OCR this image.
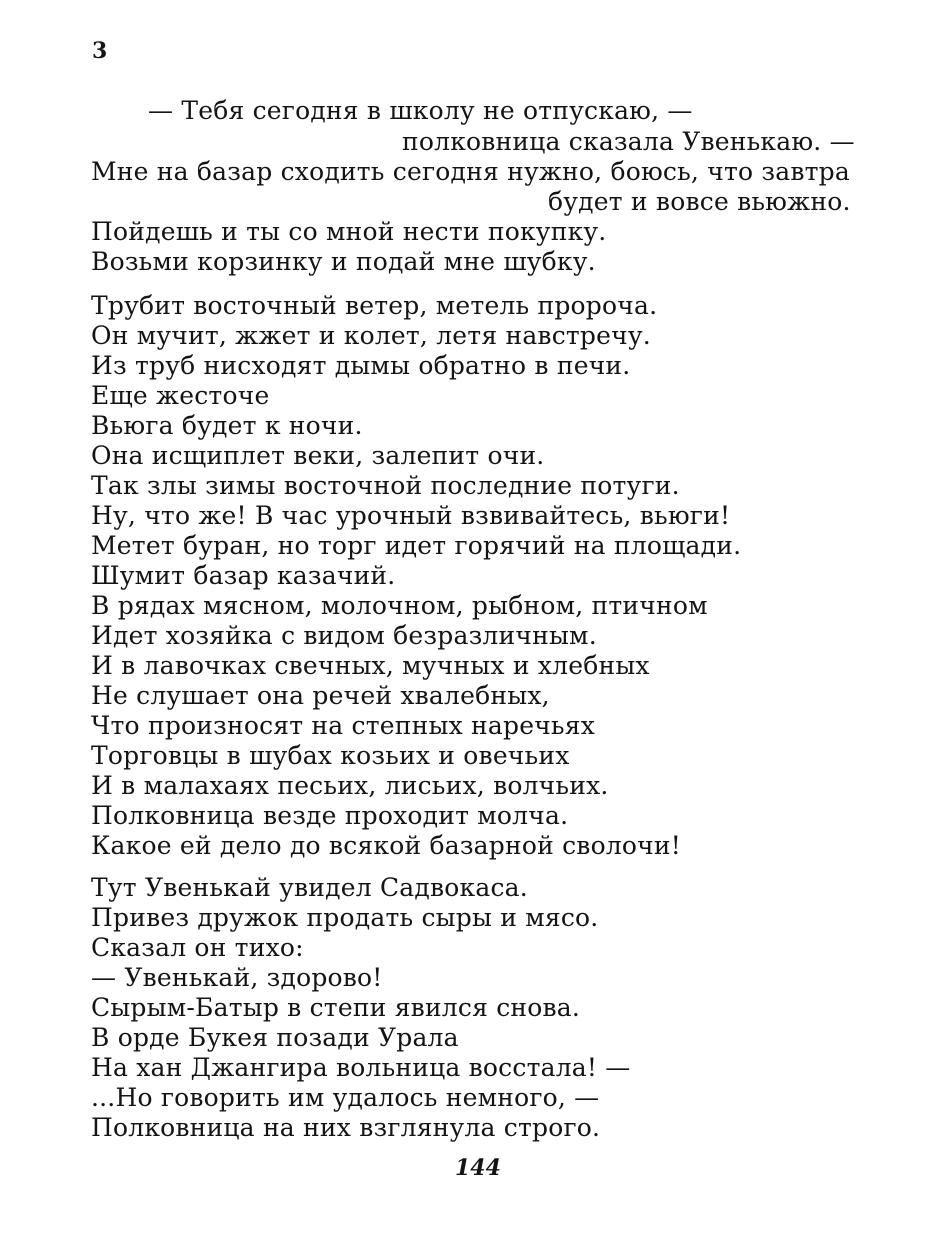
3
— Тебя сегодня в школу не отпускаю, —
полковница сказала Увенькаю. —
Мне на базар сходить сегодня нужно, боюсь, что завтра
будет и вовсе вьюжно.
Пойдешь и ты со мной нести покупку.
Возьми корзинку и подай мне шубку.
Трубит восточный ветер, метель пророча.
Он мучит, жжет и колет, летя навстречу.
Из труб нисходят дымы обратно в печи.
Еще жесточе
Вьюга будет к ночи.
Она исщиплет веки, залепит очи.
Так злы зимы восточной последние потуги.
Ну, что же! В час урочный взвивайтесь, вьюги!
Метет буран, но торг идет горячий на площади.
Шумит базар казачий.
В рядах мясном, молочном, рыбном, птичном
Идет хозяйка с видом безразличным.
И в лавочках свечных, мучных и хлебных
Не слушает она речей хвалебных,
Что произносят на степных наречьях
Торговцы в шубах козьих и овечьих
И в малахаях песьих, лисьих, волчьих.
Полковница везде проходит молча.
Какое ей дело до всякой базарной сволочи!
Тут Увенькай увидел Садвокаса.
Привез дружок продать сыры и мясо.
Сказал он тихо:
— Увенькай, здорово!
Сырым-Батыр в степи явился снова.
В орде Букея позади Урала
На хан Джангира вольница восстала! —
...Но говорить им удалось немного, —
Полковница на них взглянула строго.
144
